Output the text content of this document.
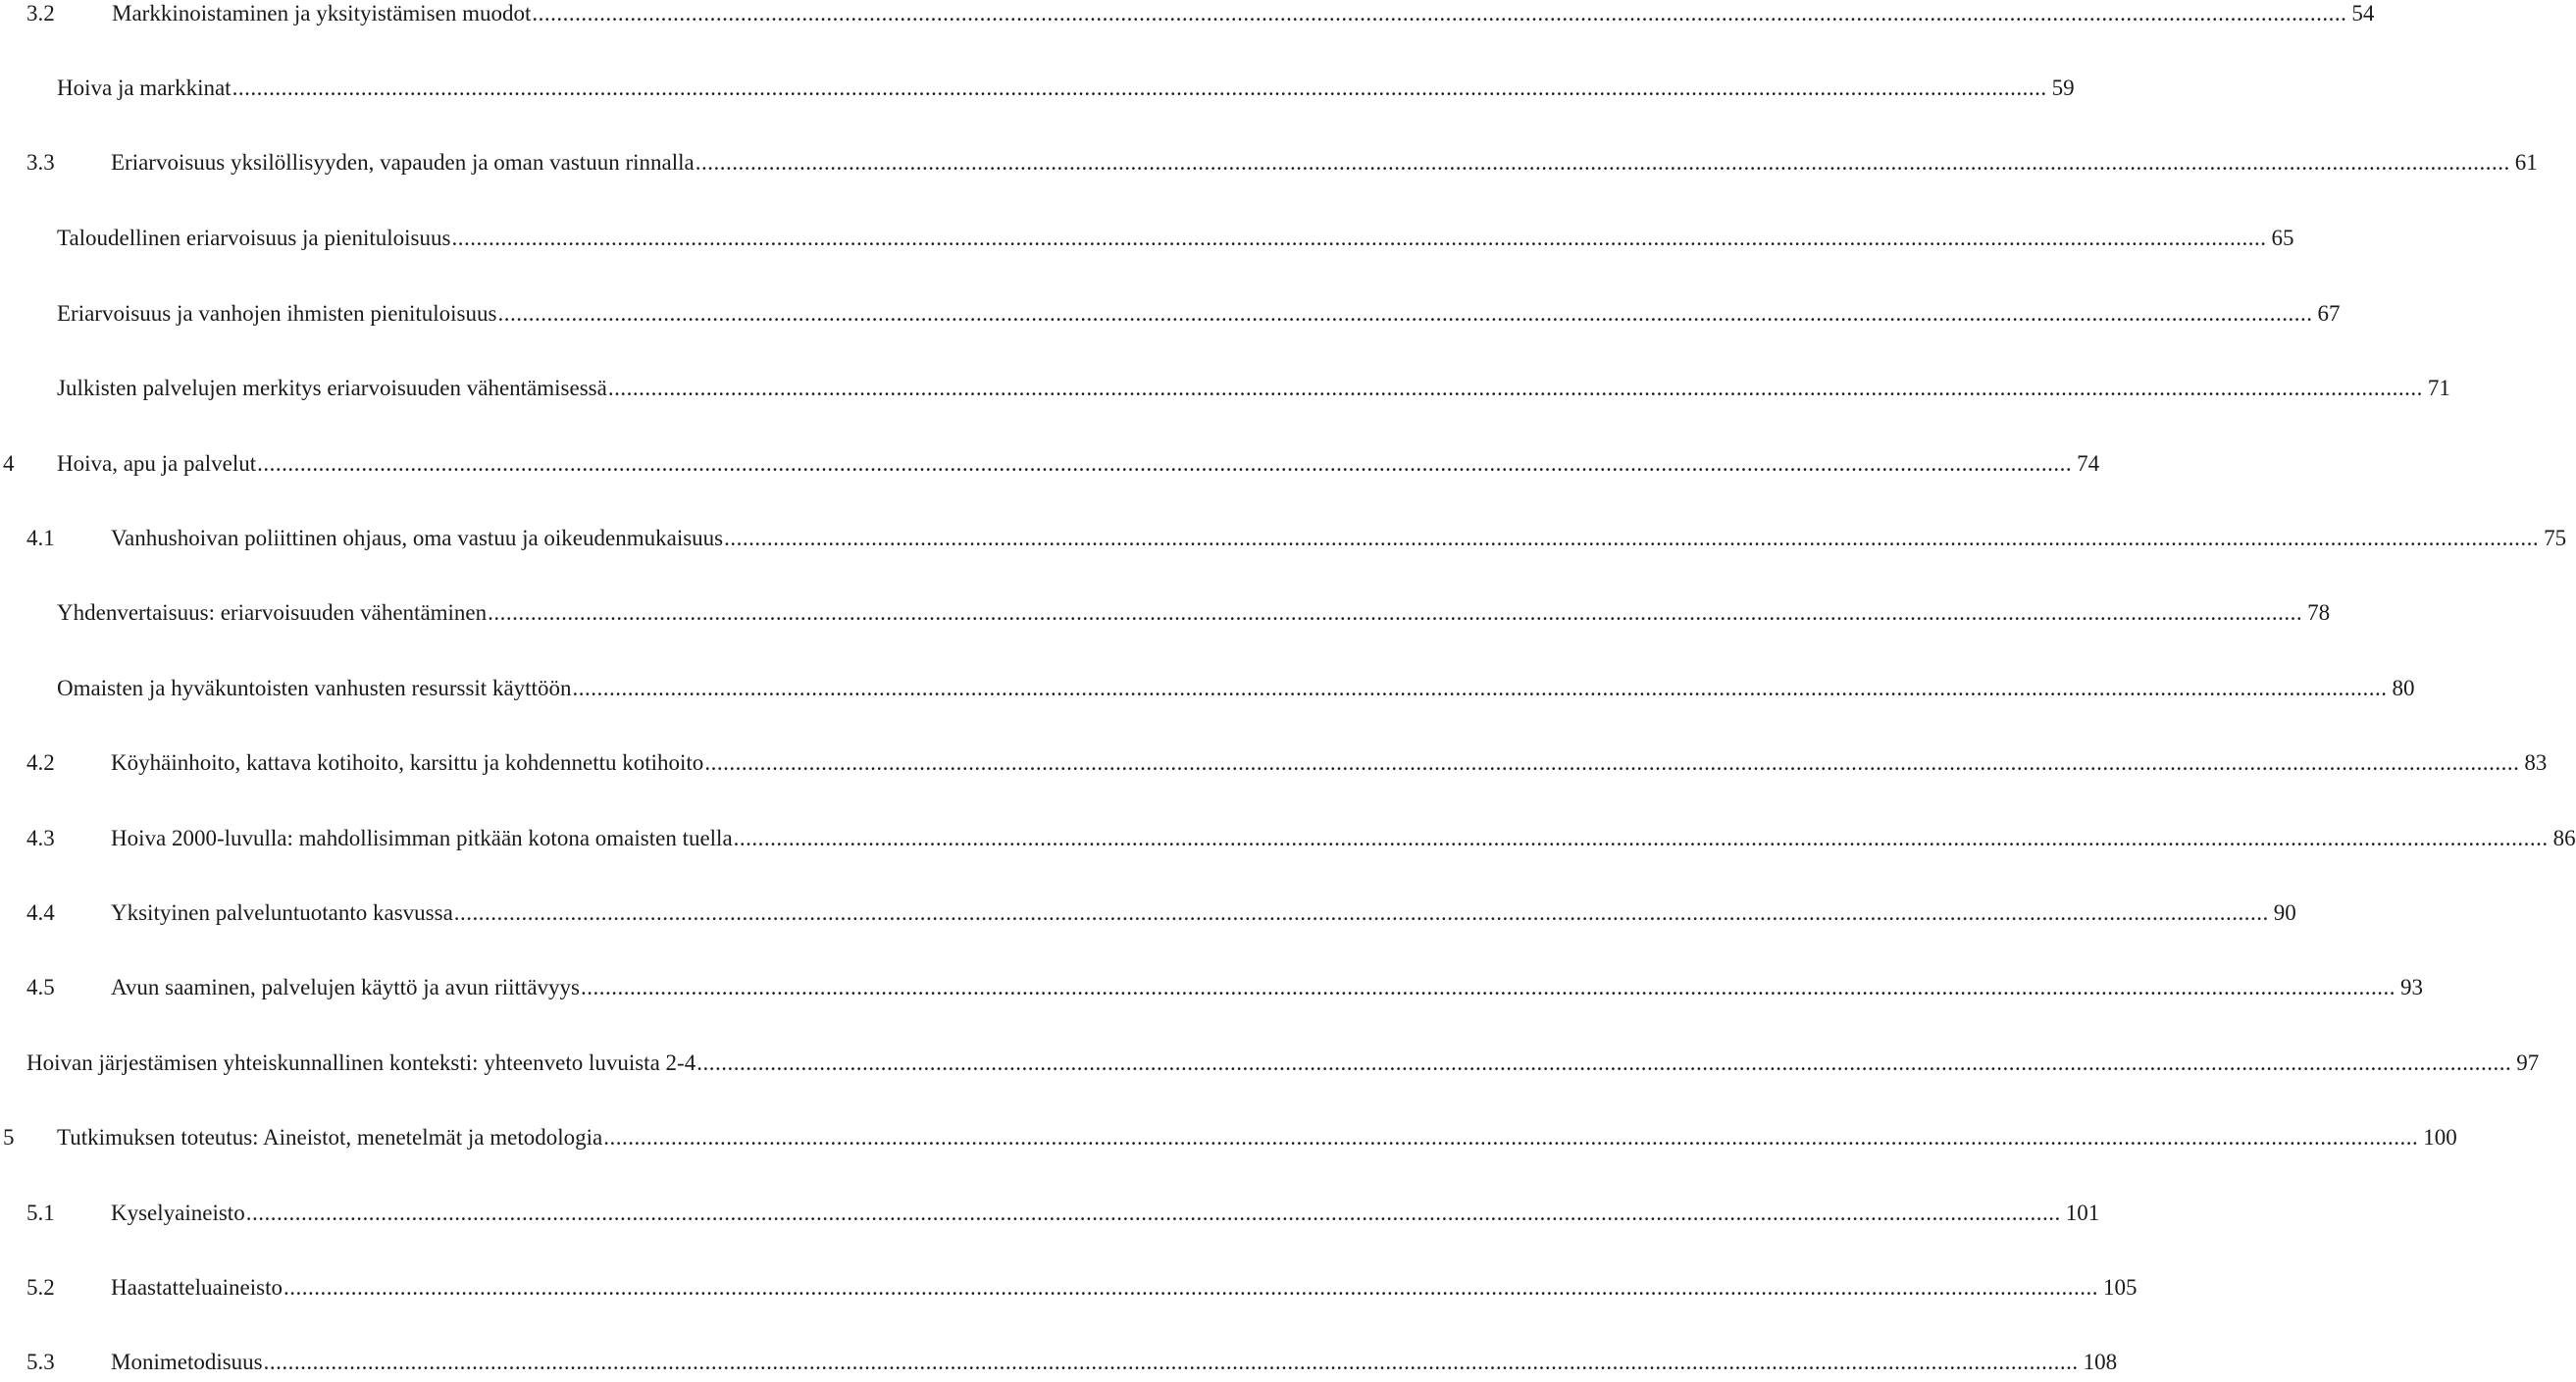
3.2	Markkinoistaminen ja yksityistämisen muodot .....	54
Hoiva ja markkinat .....	59
3.3 Eriarvoisuus yksilöllisyyden, vapauden ja oman vastuun rinnalla .....	61
Taloudellinen eriarvoisuus ja pienituloisuus .....	65
Eriarvoisuus ja vanhojen ihmisten pienituloisuus .....	67
Julkisten palvelujen merkitys eriarvoisuuden vähentämisessä .....	71
4 Hoiva, apu ja palvelut .....	74
4.1 Vanhushoivan poliittinen ohjaus, oma vastuu ja oikeudenmukaisuus .....	75
Yhdenvertaisuus: eriarvoisuuden vähentäminen .....	78
Omaisten ja hyväkuntoisten vanhusten resurssit käyttöön .....	80
4.2 Köyhäinhoito, kattava kotihoito, karsittu ja kohdennettu kotihoito .....	83
4.3 Hoiva 2000-luvulla: mahdollisimman pitkään kotona omaisten tuella .....	86
4.4 Yksityinen palveluntuotanto kasvussa .....	90
4.5 Avun saaminen, palvelujen käyttö ja avun riittävyys .....	93
Hoivan järjestämisen yhteiskunnallinen konteksti: yhteenveto luvuista 2-4 .....	97
5 Tutkimuksen toteutus: Aineistot, menetelmät ja metodologia .....	100
5.1 Kyselyaineisto .....	101
5.2 Haastatteluaineisto .....	105
5.3 Monimetodisuus .....	108
